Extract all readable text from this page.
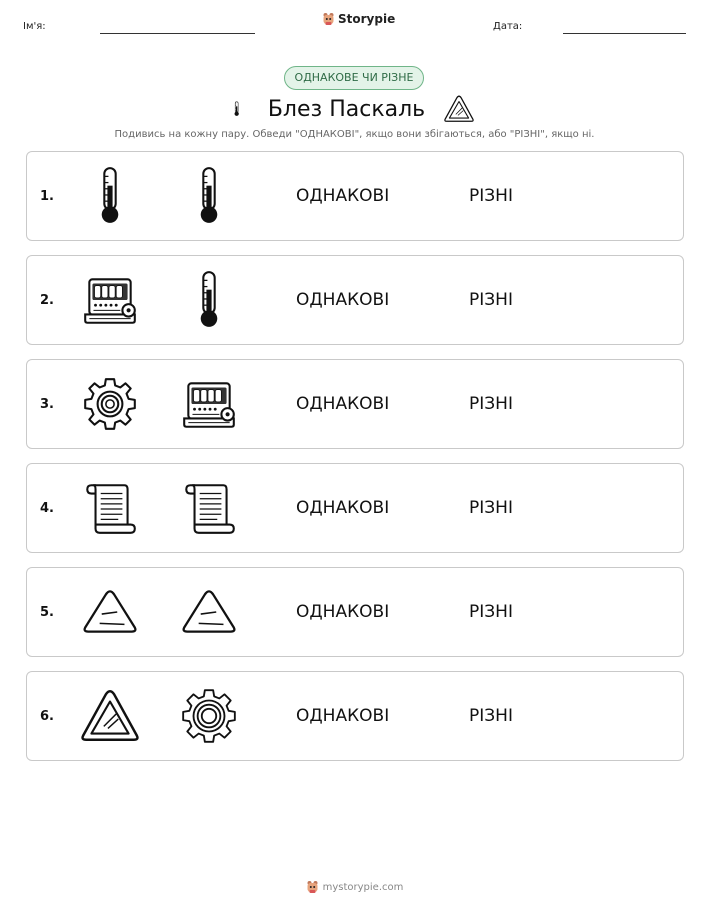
Ім'я:
Storypie
Дата:
ОДНАКОВЕ ЧИ РІЗНЕ
Блез Паскаль
Подивись на кожну пару. Обведи "ОДНАКОВІ", якщо вони збігаються, або "РІЗНІ", якщо ні.
1.	ОДНАКОВІ	РІЗНІ
2.	ОДНАКОВІ	РІЗНІ
3.	ОДНАКОВІ	РІЗНІ
4.	ОДНАКОВІ	РІЗНІ
5.	ОДНАКОВІ	РІЗНІ
6.	ОДНАКОВІ	РІЗНІ
mystorypie.com
